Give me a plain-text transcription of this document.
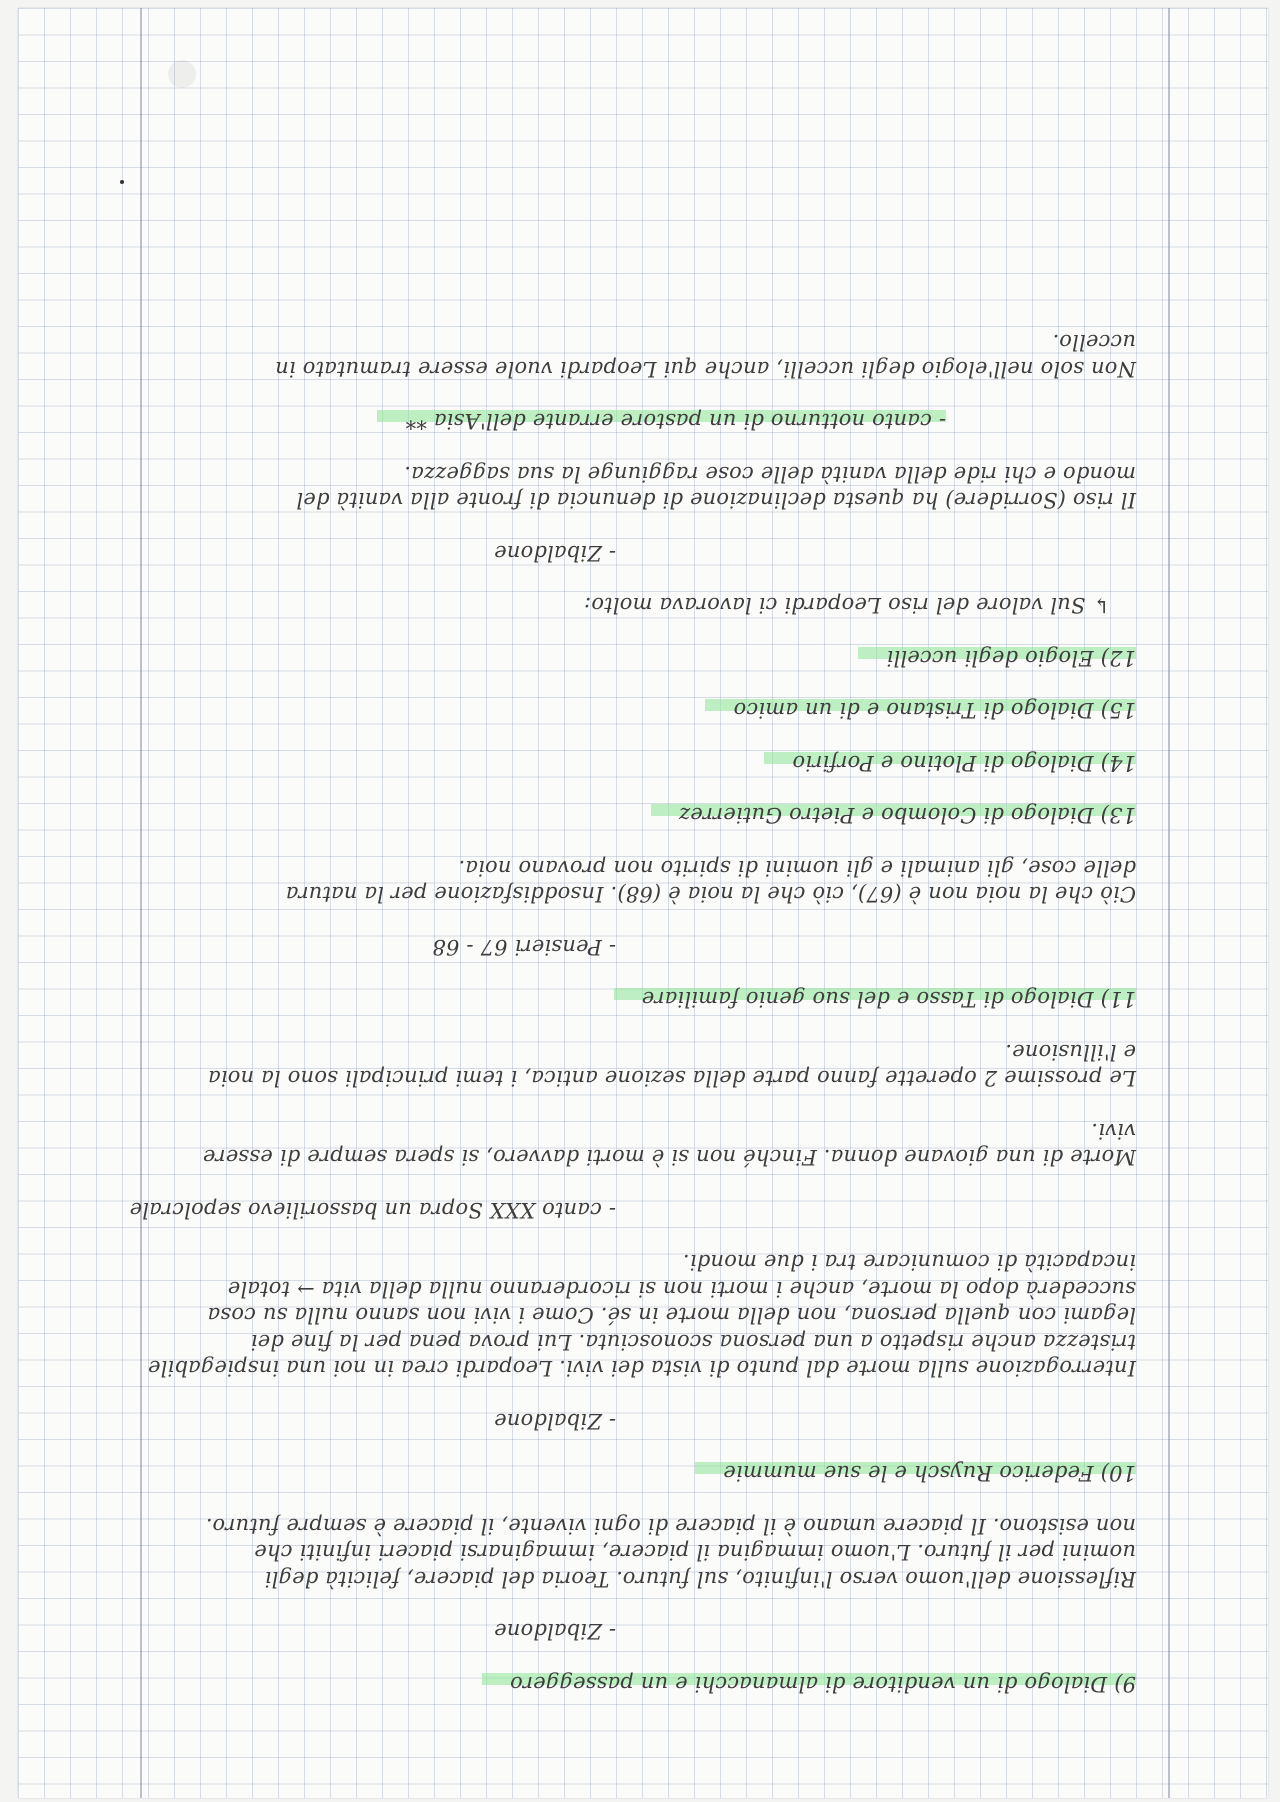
9) Dialogo di un venditore di almanacchi e un passeggero
- Zibaldone
Riflessione dell'uomo verso l'infinito, sul futuro. Teoria del piacere, felicità degli
uomini per il futuro. L'uomo immagina il piacere, immaginarsi piaceri infiniti che
non esistono. Il piacere umano è il piacere di ogni vivente, il piacere è sempre futuro.
10) Federico Ruysch e le sue mummie
- Zibaldone
Interrogazione sulla morte dal punto di vista dei vivi. Leopardi crea in noi una inspiegabile
tristezza anche rispetto a una persona sconosciuta. Lui prova pena per la fine dei
legami con quella persona, non della morte in sé. Come i vivi non sanno nulla su cosa
succederà dopo la morte, anche i morti non si ricorderanno nulla della vita → totale
incapacità di comunicare tra i due mondi.
- canto XXX Sopra un bassorilievo sepolcrale
Morte di una giovane donna. Finché non si è morti davvero, si spera sempre di essere
vivi.
Le prossime 2 operette fanno parte della sezione antica, i temi principali sono la noia
e l'illusione.
11) Dialogo di Tasso e del suo genio familiare
- Pensieri 67 - 68
Ciò che la noia non è (67), ciò che la noia è (68). Insoddisfazione per la natura
delle cose, gli animali e gli uomini di spirito non provano noia.
13) Dialogo di Colombo e Pietro Gutierrez
14) Dialogo di Plotino e Porfirio
15) Dialogo di Tristano e di un amico
12) Elogio degli uccelli
↳ Sul valore del riso Leopardi ci lavorava molto:
- Zibaldone
Il riso (Sorridere) ha questa declinazione di denuncia di fronte alla vanità del
mondo e chi ride della vanità delle cose raggiunge la sua saggezza.
- canto notturno di un pastore errante dell'Asia **
Non solo nell'elogio degli uccelli, anche qui Leopardi vuole essere tramutato in
uccello.
